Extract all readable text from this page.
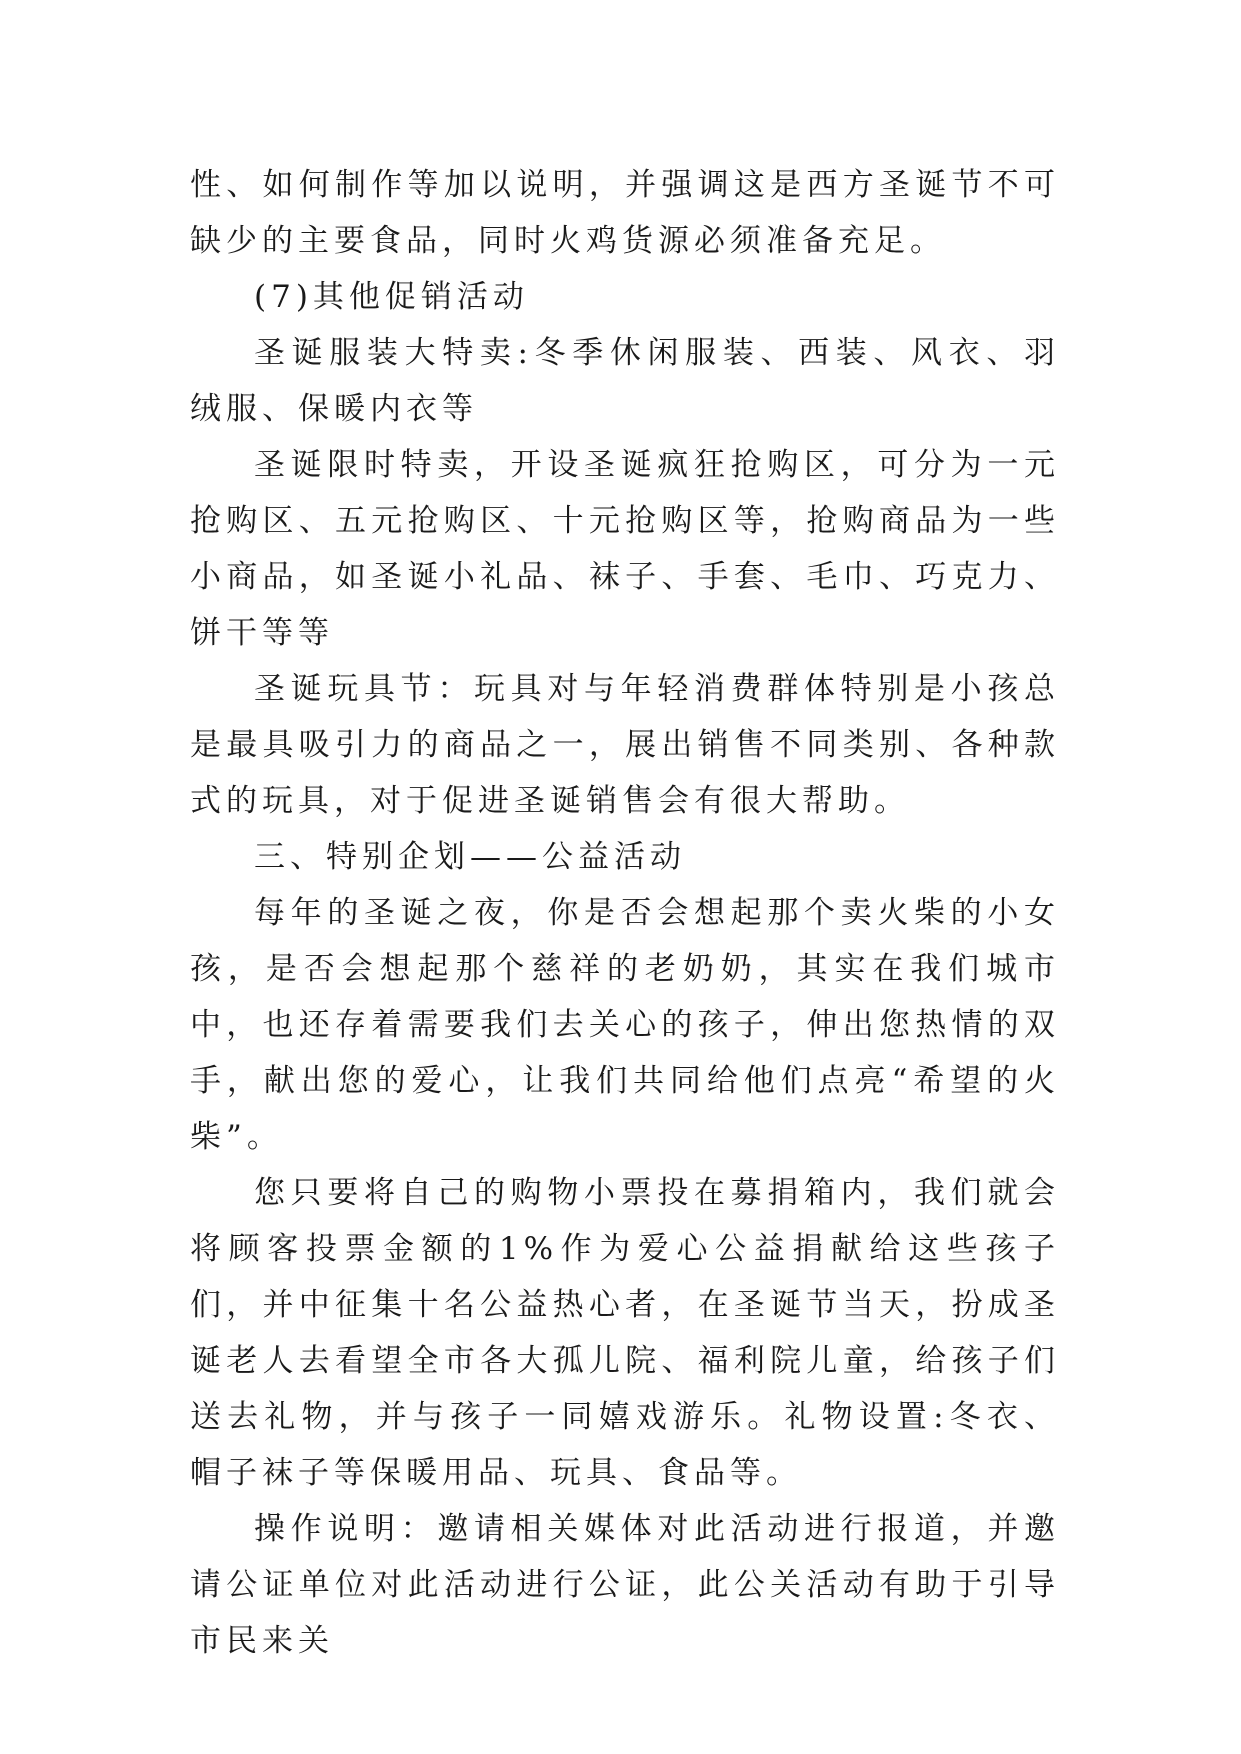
性、如何制作等加以说明，并强调这是西方圣诞节不可缺少的主要食品，同时火鸡货源必须准备充足。

(7)其他促销活动

圣诞服装大特卖:冬季休闲服装、西装、风衣、羽绒服、保暖内衣等

圣诞限时特卖，开设圣诞疯狂抢购区，可分为一元抢购区、五元抢购区、十元抢购区等，抢购商品为一些小商品，如圣诞小礼品、袜子、手套、毛巾、巧克力、饼干等等

圣诞玩具节：玩具对与年轻消费群体特别是小孩总是最具吸引力的商品之一，展出销售不同类别、各种款式的玩具，对于促进圣诞销售会有很大帮助。

三、特别企划——公益活动

每年的圣诞之夜，你是否会想起那个卖火柴的小女孩，是否会想起那个慈祥的老奶奶，其实在我们城市中，也还存着需要我们去关心的孩子，伸出您热情的双手，献出您的爱心，让我们共同给他们点亮“希望的火柴”。

您只要将自己的购物小票投在募捐箱内，我们就会将顾客投票金额的1%作为爱心公益捐献给这些孩子们，并中征集十名公益热心者，在圣诞节当天，扮成圣诞老人去看望全市各大孤儿院、福利院儿童，给孩子们送去礼物，并与孩子一同嬉戏游乐。礼物设置:冬衣、帽子袜子等保暖用品、玩具、食品等。

操作说明：邀请相关媒体对此活动进行报道，并邀请公证单位对此活动进行公证，此公关活动有助于引导市民来关
